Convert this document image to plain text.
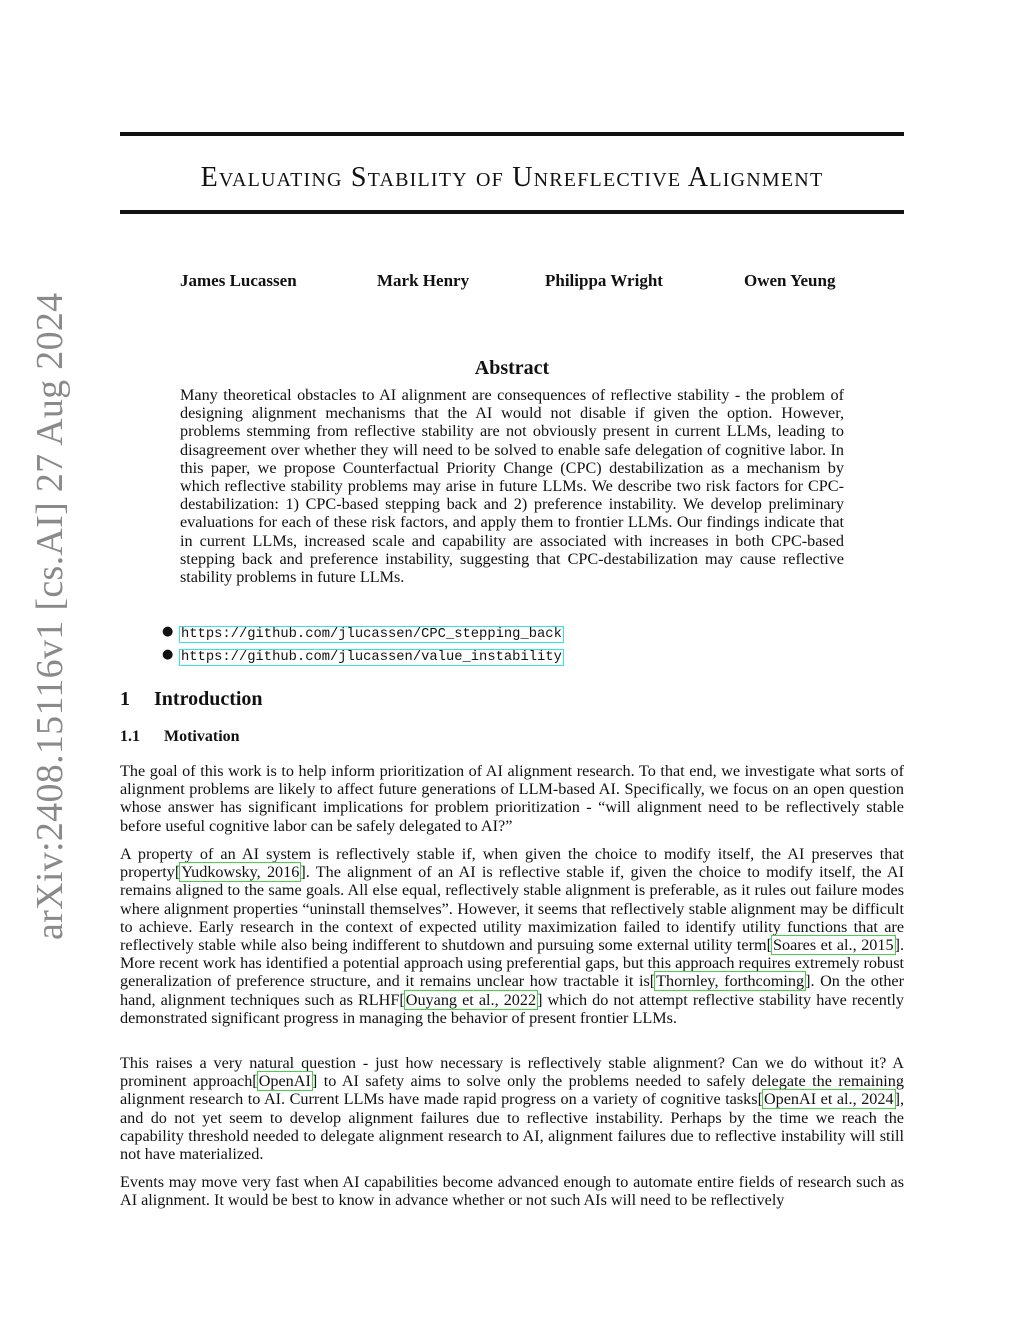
arXiv:2408.15116v1 [cs.AI] 27 Aug 2024
Evaluating Stability of Unreflective Alignment
James Lucassen	Mark Henry	Philippa Wright	Owen Yeung
Abstract
Many theoretical obstacles to AI alignment are consequences of reflective stability - the problem of designing alignment mechanisms that the AI would not disable if given the option. However, problems stemming from reflective stability are not obviously present in current LLMs, leading to disagreement over whether they will need to be solved to enable safe delegation of cognitive labor. In this paper, we propose Counterfactual Priority Change (CPC) destabilization as a mechanism by which reflective stability problems may arise in future LLMs. We describe two risk factors for CPC-destabilization: 1) CPC-based stepping back and 2) preference instability. We develop preliminary evaluations for each of these risk factors, and apply them to frontier LLMs. Our findings indicate that in current LLMs, increased scale and capability are associated with increases in both CPC-based stepping back and preference instability, suggesting that CPC-destabilization may cause reflective stability problems in future LLMs.
● https://github.com/jlucassen/CPC_stepping_back
● https://github.com/jlucassen/value_instability
1 Introduction
1.1 Motivation

The goal of this work is to help inform prioritization of AI alignment research. To that end, we investigate what sorts of alignment problems are likely to affect future generations of LLM-based AI. Specifically, we focus on an open question whose answer has significant implications for problem prioritization - “will alignment need to be reflectively stable before useful cognitive labor can be safely delegated to AI?”

A property of an AI system is reflectively stable if, when given the choice to modify itself, the AI preserves that property[Yudkowsky, 2016]. The alignment of an AI is reflective stable if, given the choice to modify itself, the AI remains aligned to the same goals. All else equal, reflectively stable alignment is preferable, as it rules out failure modes where alignment properties “uninstall themselves”. However, it seems that reflectively stable alignment may be difficult to achieve. Early research in the context of expected utility maximization failed to identify utility functions that are reflectively stable while also being indifferent to shutdown and pursuing some external utility term[Soares et al., 2015]. More recent work has identified a potential approach using preferential gaps, but this approach requires extremely robust generalization of preference structure, and it remains unclear how tractable it is[Thornley, forthcoming]. On the other hand, alignment techniques such as RLHF[Ouyang et al., 2022] which do not attempt reflective stability have recently demonstrated significant progress in managing the behavior of present frontier LLMs.

This raises a very natural question - just how necessary is reflectively stable alignment? Can we do without it? A prominent approach[OpenAI] to AI safety aims to solve only the problems needed to safely delegate the remaining alignment research to AI. Current LLMs have made rapid progress on a variety of cognitive tasks[OpenAI et al., 2024], and do not yet seem to develop alignment failures due to reflective instability. Perhaps by the time we reach the capability threshold needed to delegate alignment research to AI, alignment failures due to reflective instability will still not have materialized.

Events may move very fast when AI capabilities become advanced enough to automate entire fields of research such as AI alignment. It would be best to know in advance whether or not such AIs will need to be reflectively
